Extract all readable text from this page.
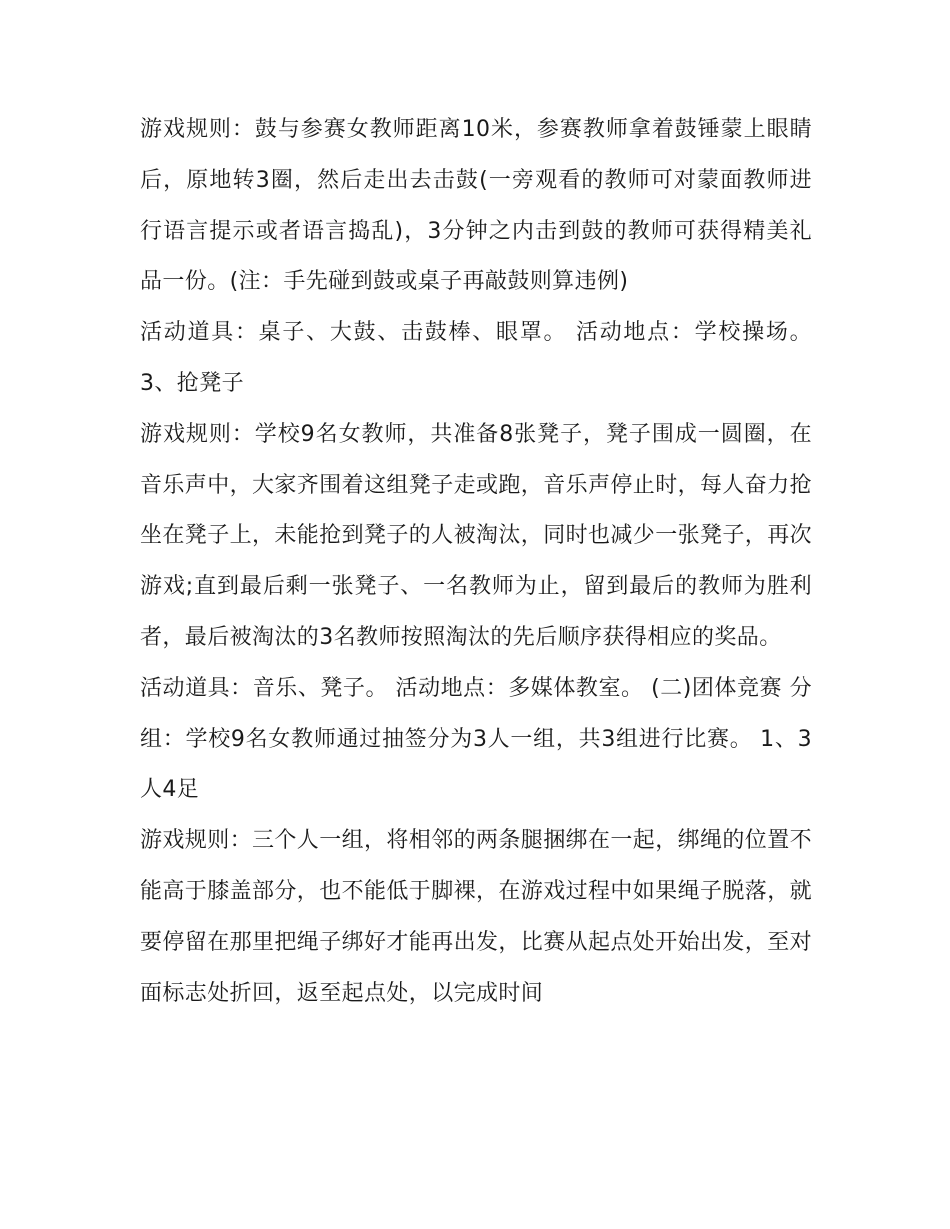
游戏规则：鼓与参赛女教师距离10米，参赛教师拿着鼓锤蒙上眼睛后，原地转3圈，然后走出去击鼓(一旁观看的教师可对蒙面教师进行语言提示或者语言捣乱)，3分钟之内击到鼓的教师可获得精美礼品一份。(注：手先碰到鼓或桌子再敲鼓则算违例)

活动道具：桌子、大鼓、击鼓棒、眼罩。 活动地点：学校操场。 3、抢凳子

游戏规则：学校9名女教师，共准备8张凳子，凳子围成一圆圈，在音乐声中，大家齐围着这组凳子走或跑，音乐声停止时，每人奋力抢坐在凳子上，未能抢到凳子的人被淘汰，同时也减少一张凳子，再次游戏;直到最后剩一张凳子、一名教师为止，留到最后的教师为胜利者，最后被淘汰的3名教师按照淘汰的先后顺序获得相应的奖品。

活动道具：音乐、凳子。 活动地点：多媒体教室。 (二)团体竞赛 分组：学校9名女教师通过抽签分为3人一组，共3组进行比赛。 1、3人4足

游戏规则：三个人一组，将相邻的两条腿捆绑在一起，绑绳的位置不能高于膝盖部分，也不能低于脚裸，在游戏过程中如果绳子脱落，就要停留在那里把绳子绑好才能再出发，比赛从起点处开始出发，至对面标志处折回，返至起点处，以完成时间
